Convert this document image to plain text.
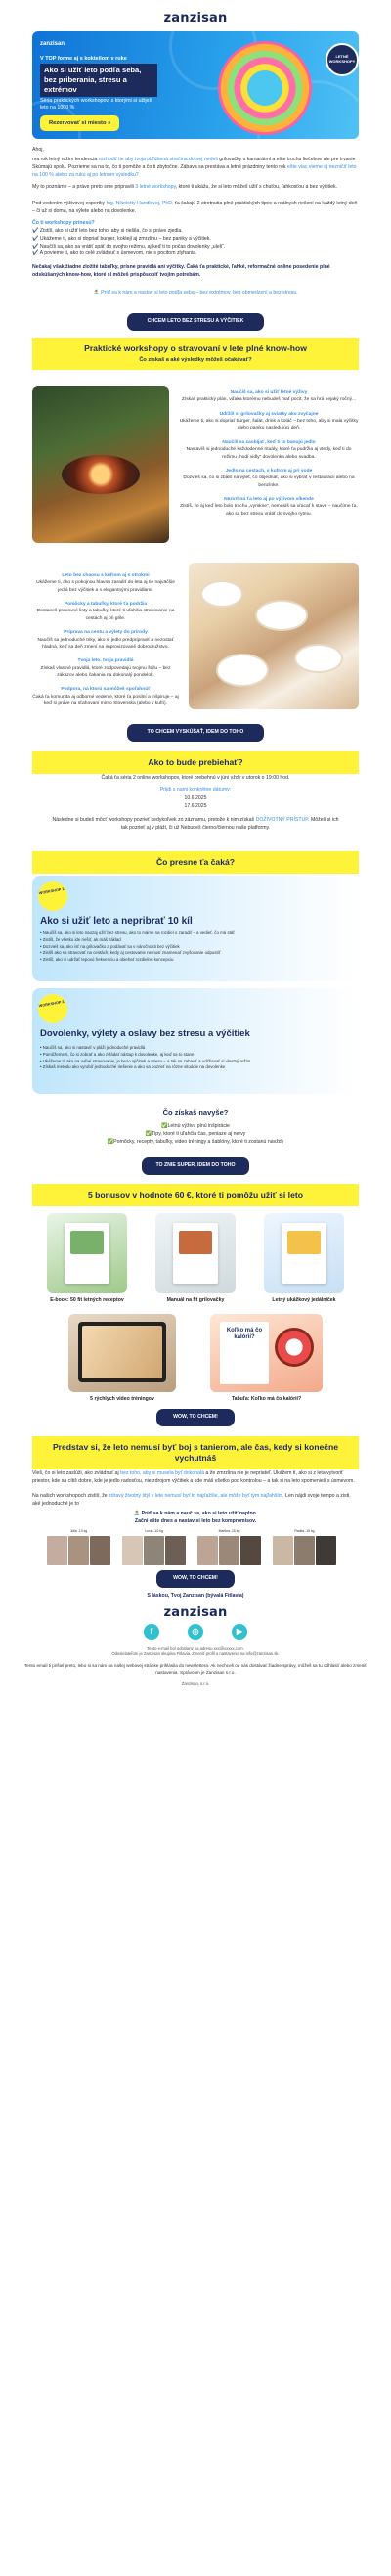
zanzisan
zanzisan
V TOP forme aj s kokteilom v ruke
Ako si užiť leto podľa seba, bez priberania, stresu a extrémov
Séria praktických workshopov, s ktorými si užiješ leto na 1000 %
Rezervovať si miesto »
LETNÉ WORKSHOPY
Ahoj,
ma rok letný režim tendencia rozhodiť tie aby tvoja obľúbená strečina dobrej nedeli grilovačky s kamarátmi a ešte trochu liečebne ale pre trvanie Skúmajú spolu. Pozrieme sa na to, čo ti pomôže a čo ti zbytočne. Zábava sa prestáva a letné prázdniny tento rok ešte viac vieme aj nezničiť leto na 100 % alebo za ruku aj po letnom výsledku?
My to poznáme – a práve preto sme pripravili 3 letné workshopy, ktoré ti ukážu, že si leto môžeš užiť s chuťou, ľahkosťou a bez výčitiek.
Pod vedením výživovej expertky Ing. Nikoletty Handlovej, PhD. ťa čakajú 2 stretnutia plné praktických tipov a reálnych riešení na každý letný deň – či už si doma, na výlete alebo na dovolenke.
Čo ti workshopy prinesú?
✔️ Zistíš, ako si užiť leto bez toho, aby si riešila, čo si práve zjedla.
✔️ Ukážeme ti, ako si dopriať burger, koktejl aj zmrzlinu – bez paniky a výčitiek.
✔️ Naučíš sa, ako sa vrátiť späť do svojho režimu, aj keď ti to počas dovolenky „ulelí“.
✔️ A povieme ti, ako to celé zvládnuť s úsmevom, nie s pocitom zlyhania.
Nečakaj však žiadne zložité tabuľky, prísne pravidlá ani výčitky. Čaká ťa praktické, ľahké, reformačné online posedenie plné odskúšaných know-how, ktoré si môžeš prispôsobiť tvojim potrebám.
🏝️ Príď sa k nám a nastav si leto podľa seba – bez extrémov, bez obmedzení a bez stresu.
CHCEM LETO BEZ STRESU A VÝČITIEK
Praktické workshopy o stravovaní v lete plné know-how
Čo získaš a aké výsledky môžeš očakávať?

Naučíš sa, ako si užiť letné výživy
Získaš praktický plán, vďaka ktorému nebudeš mať pocit, že sa hrá nejaký ročný...

Udržíš si grilovačky aj sviatky ako zvyčajne
Ukážeme ti, ako si dopriať burger, šalát, drink a koláč – bez toho, aby si mala výčitky alebo paniku nasledujúci deň.

Naučíš sa zaobíjať, keď ti to banujú jedlo
Nastavíš si jednoduché každodenné rituály, ktoré ťa podržia aj vtedy, keď ti do režimu „hodí vidly“ dovolenka alebo svadba.

Jedlo na cestach, s kufrom aj pri vode
Dozvieš sa, čo si zbaliť na výlet, čo objednať, ako si vybrať v reštaurácii alebo na benzínke.

Nezvrhnú ťa leto aj po výživom víkende
Zistíš, že aj keď leto bolo trochu „vymkne“, nemusíš sa vracať k stave – naučíme ťa, ako sa bez stresu vrátiť do svojho rytmu.

Leto bez chaosu s kufrom aj s otrokmi
Ukážeme ti, ako s pokojnou hlavou zaradiť do leta aj tie najväčšie jedlá bez výčitiek a s elegantnými pravidlami.

Pomôcky a tabuľky, ktoré ťa podržia
Dostaneš pracovné listy a tabuľky, ktoré ti uľahčia stravovanie na cestách aj pri grile.

Príprava na cestu a výlety do prírody
Naučíš sa jednoduché triky, ako si jedlo predpripraviť a nezostať hladná, keď sa deň zmení na improvizované dobrodružstvo.

Tvoja leto, tvoja pravidlá
Získaš vlastné pravidlá, ktoré zodpovedajú tvojmu štýlu – bez zákazov alebo čakania na dokonalý pondelok.

Podpora, na ktorú sa môžeš spoľahnúť
Čaká ťa komunita aj odborné vedenie, ktoré ťa posilní a inšpiruje – aj keď si práve na sťahovaní mimo Slovenska (alebo v kufri).

TO CHCEM VYSKÚŠAŤ, IDEM DO TOHO
Ako to bude prebiehať?
Čaká ťa séria 2 online workshopov, ktoré prebehnú v júni vždy v utorok o 19:00 hod.
Prijdi s nami konkrétne dátumy:
10.6.2025
17.6.2025
Následne si budeš môcť workshopy pozrieť kedykoľvek zo záznamu, pretože k nim získaš DOŽIVOTNÝ PRÍSTUP. Môžeš si ich tak pozrieť aj v pláži, či už Nebudeš čierno/čiernou naše platformy.
Čo presne ťa čaká?
WORKSHOP 1.
Ako si užiť leto a nepribrať 10 kíl
• Naučíš sa, ako si leto naozaj užiť bez stresu, ako to máme na rozdiel o zaradiť – a vedieť, čo má stáť
• Zistíš, že všetko ide riešiť, ak máš základ
• Dozvieš sa, ako ísť na grilovačku a podávať sa v náročnosti bez výčitiek
• Zistíš ako sa stravovať na cestách, kedy aj cestovanie nemusí znamenať zvyšovanie odpustiť
• Zistíš, ako si udržať tepovú frekvenciu a obiehať rozdielnu koncepciu
WORKSHOP 2.
Dovolenky, výlety a oslavy bez stresu a výčitiek
• Naučíš sa, ako si nastaviť v pláži jednoduché pravidlá
• Pomôžeme ti, čo si zobrať a ako zvládať nástup k dovolenke, aj keď sa to stane
• Ukážeme ti, ako na voľné stravovanie, je bezo výčitiek a stresu – a tak sa zabaviť a udržiavať si vlastný režim
• Získaš metódu ako vyrobiť jednoduché riešenie a ako sa pozrieť na rôzne situácie na dovolenke
Čo získaš navyše?
✅Letnú výživu plnú inšpirácie
✅Tipy, ktoré ti uľahčia čas, peniaze aj nervy
✅Pomôcky, recepty, tabuľky, video tréningy a šablóny, ktoré ti zostanú navždy
TO ZNIE SUPER, IDEM DO TOHO
5 bonusov v hodnote 60 €, ktoré ti pomôžu užiť si leto
E-book: 50 fit letných receptov	Manuál na fit grilovačky	Letný ukážkový jedálniček
5 rýchlych video tréningov
Koľko má čo kalórií?
Tabuľa: Koľko má čo kalórií?
WOW, TO CHCEM!
Predstav si, že leto nemusí byť boj s tanierom, ale čas, kedy si konečne vychutnáš
Vieš, čo si leto zaslúži, ako zvládnuť aj bez toho, aby si musela byť dokonalá a že zmrzlina nie je nepriateľ. Ukážem ti, ako si z leta vytvoriť priestor, kde sa cítiš dobre, kde je jedlo radosťou, nie zdrojom výčitiek a kde máš všetko pod kontrolou – a tak si na leto spomenieš s úsmevom.
Na našich workshopoch zistíš, že zdravý životný štýl v lete nemusí byť to najťažšie, ale môže byť tým najľahším. Len nájdi svoje tempo a zisti, aké jednoduché je to
🏝️ Príď sa k nám a nauč sa, ako si leto užiť naplno.
Začni ešte dnes a nastav si leto bez kompromisov.
Júlia -13 kg	Lucia -10 kg	Martina -16 kg	Radka -15 kg
WOW, TO CHCEM!
S láskou, Tvoj Zanzisan (bývalá Fitlavia)
zanzisan
f	◎	▶
Tento e-mail bol odoslaný na adresu xxx@xxxxx.com.
Odosielateľom je Zanzisan skupina Fitlavia. Zmeniť profil a nastavenia na info@zanzisan.sk.
Tento email ti prišiel preto, lebo si sa nám na našej webovej stránke prihlásila do newslettera. Ak nechceš od nás dostávať žiadne správy, môžeš sa tu odhlásiť alebo zmeniť nastavenia. Správcom je Zanzisan s.r.o.
Zanzisan, s.r.o.
